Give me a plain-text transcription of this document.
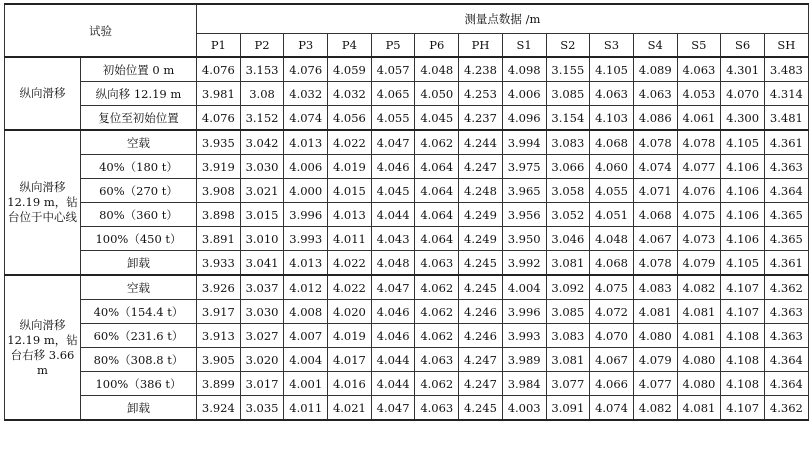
试验		测量点数据 /m													
		P1	P2	P3	P4	P5	P6	PH	S1	S2	S3	S4	S5	S6	SH
纵向滑移	初始位置 0 m	4.076	3.153	4.076	4.059	4.057	4.048	4.238	4.098	3.155	4.105	4.089	4.063	4.301	3.483
	纵向移 12.19 m	3.981	3.08	4.032	4.032	4.065	4.050	4.253	4.006	3.085	4.063	4.063	4.053	4.070	4.314
	复位至初始位置	4.076	3.152	4.074	4.056	4.055	4.045	4.237	4.096	3.154	4.103	4.086	4.061	4.300	3.481
纵向滑移 12.19 m，钻台位于中心线	空载	3.935	3.042	4.013	4.022	4.047	4.062	4.244	3.994	3.083	4.068	4.078	4.078	4.105	4.361
	40%（180 t）	3.919	3.030	4.006	4.019	4.046	4.064	4.247	3.975	3.066	4.060	4.074	4.077	4.106	4.363
	60%（270 t）	3.908	3.021	4.000	4.015	4.045	4.064	4.248	3.965	3.058	4.055	4.071	4.076	4.106	4.364
	80%（360 t）	3.898	3.015	3.996	4.013	4.044	4.064	4.249	3.956	3.052	4.051	4.068	4.075	4.106	4.365
	100%（450 t）	3.891	3.010	3.993	4.011	4.043	4.064	4.249	3.950	3.046	4.048	4.067	4.073	4.106	4.365
	卸载	3.933	3.041	4.013	4.022	4.048	4.063	4.245	3.992	3.081	4.068	4.078	4.079	4.105	4.361
纵向滑移 12.19 m，钻台右移 3.66 m	空载	3.926	3.037	4.012	4.022	4.047	4.062	4.245	4.004	3.092	4.075	4.083	4.082	4.107	4.362
	40%（154.4 t）	3.917	3.030	4.008	4.020	4.046	4.062	4.246	3.996	3.085	4.072	4.081	4.081	4.107	4.363
	60%（231.6 t）	3.913	3.027	4.007	4.019	4.046	4.062	4.246	3.993	3.083	4.070	4.080	4.081	4.108	4.363
	80%（308.8 t）	3.905	3.020	4.004	4.017	4.044	4.063	4.247	3.989	3.081	4.067	4.079	4.080	4.108	4.364
	100%（386 t）	3.899	3.017	4.001	4.016	4.044	4.062	4.247	3.984	3.077	4.066	4.077	4.080	4.108	4.364
	卸载	3.924	3.035	4.011	4.021	4.047	4.063	4.245	4.003	3.091	4.074	4.082	4.081	4.107	4.362
